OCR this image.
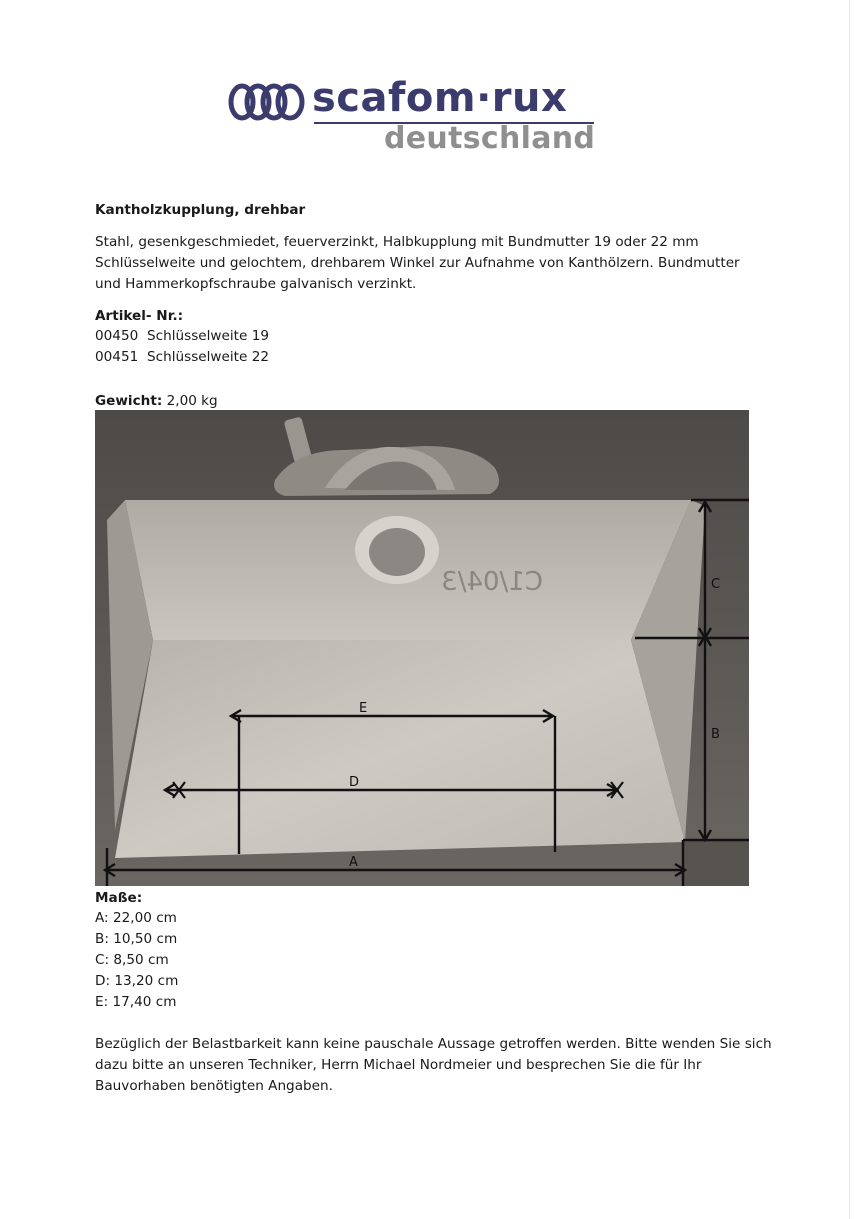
scafom·rux
deutschland
Kantholzkupplung, drehbar
Stahl, gesenkgeschmiedet, feuerverzinkt, Halbkupplung mit Bundmutter 19 oder 22 mm Schlüsselweite und gelochtem, drehbarem Winkel zur Aufnahme von Kanthölzern. Bundmutter und Hammerkopfschraube galvanisch verzinkt.
Artikel- Nr.:
00450 Schlüsselweite 19
00451 Schlüsselweite 22
Gewicht: 2,00 kg
C1/04/3
E
D
A
B
C
Maße:
A: 22,00 cm
B: 10,50 cm
C: 8,50 cm
D: 13,20 cm
E: 17,40 cm
Bezüglich der Belastbarkeit kann keine pauschale Aussage getroffen werden. Bitte wenden Sie sich dazu bitte an unseren Techniker, Herrn Michael Nordmeier und besprechen Sie die für Ihr Bauvorhaben benötigten Angaben.
